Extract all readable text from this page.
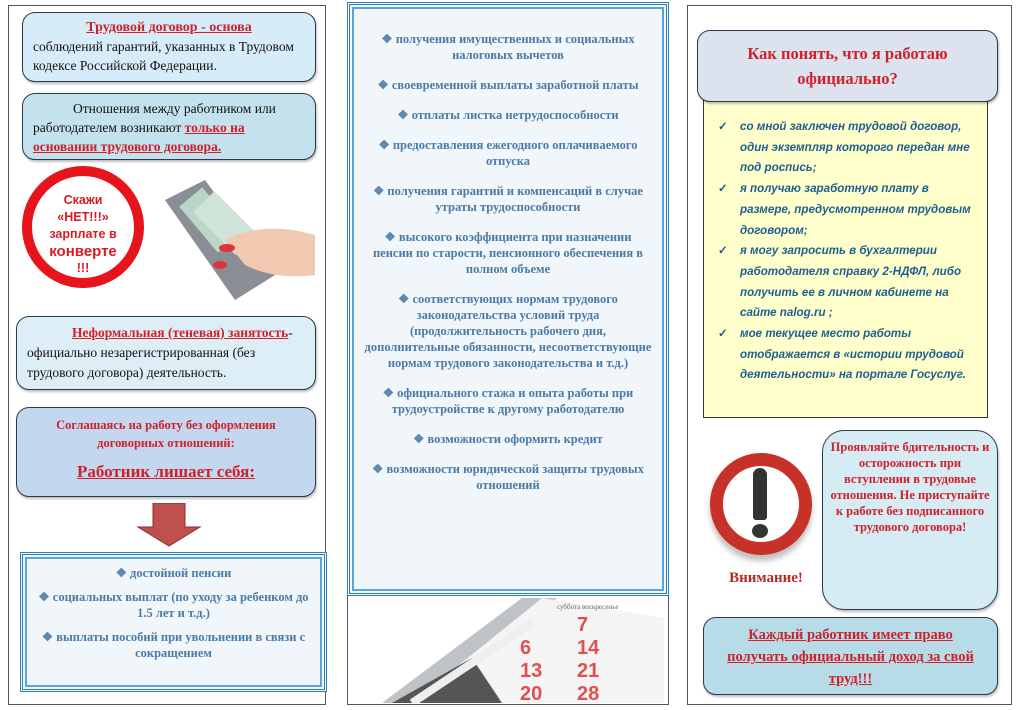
Трудовой договор - основа
соблюдений гарантий, указанных в Трудовом кодексе Российской Федерации.
Отношения между работником или работодателем возникают только на основании трудового договора.
Скажи
«НЕТ!!!»
зарплате в
конверте
!!!
Неформальная (теневая) занятость-официально незарегистрированная (без трудового договора) деятельность.
Соглашаясь на работу без оформления договорных отношений:
Работник лишает себя:

❖ достойной пенсии

❖ социальных выплат (по уходу за ребенком до 1.5 лет и т.д.)

❖ выплаты пособий при увольнении в связи с сокращением

❖ получения имущественных и социальных налоговых вычетов

❖ своевременной выплаты заработной платы

❖ отплаты листка нетрудоспособности

❖ предоставления ежегодного оплачиваемого отпуска

❖ получения гарантий и компенсаций в случае утраты трудоспособности

❖ высокого коэффициента при назначении пенсии по старости, пенсионного обеспечения в полном объеме

❖ соответствующих нормам трудового законодательства условий труда (продолжительность рабочего дня, дополнительные обязанности, несоответствующие нормам трудового законодательства и т.д.)

❖ официального стажа и опыта работы при трудоустройстве к другому работодателю

❖ возможности оформить кредит

❖ возможности юридической защиты трудовых отношений

суббота воскресенье
7
6 14
13 21
20 28
✓ со мной заключен трудовой договор, один экземпляр которого передан мне под роспись;
✓ я получаю заработную плату в размере, предусмотренном трудовым договором;
✓ я могу запросить в бухгалтерии работодателя справку 2-НДФЛ, либо получить ее в личном кабинете на сайте nalog.ru ;
✓ мое текущее место работы отображается в «истории трудовой деятельности» на портале Госуслуг.
Как понять, что я работаю официально?
Внимание!
Проявляйте бдительность и осторожность при вступлении в трудовые отношения. Не приступайте к работе без подписанного трудового договора!
Каждый работник имеет право получать официальный доход за свой труд!!!
